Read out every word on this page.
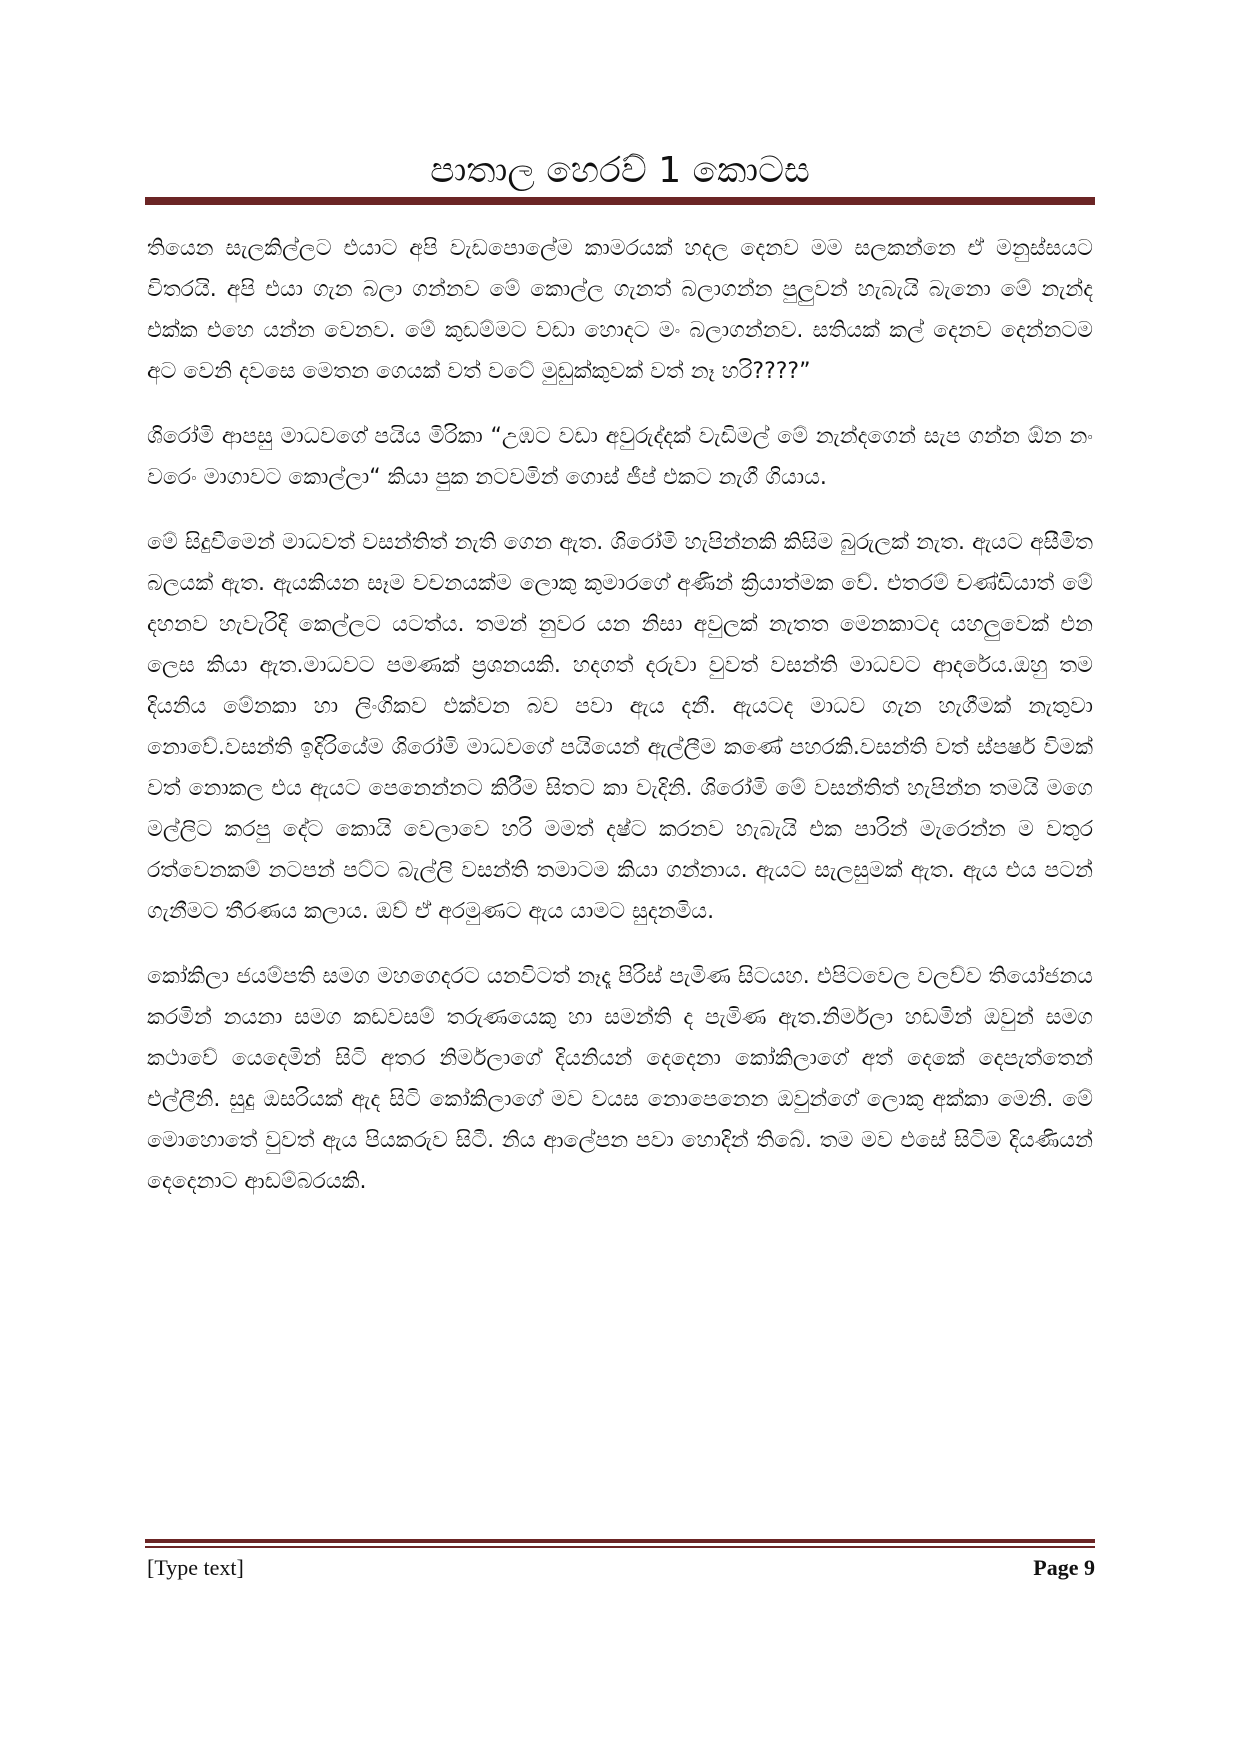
පාතාල හෙරව් 1 කොටස

තියෙන සැලකිල්ලට එයාට අපි වැඩපොලේම කාමරයක් හදල දෙනව මම සලකන්නෙ ඒ මනුස්සයට විතරයි. අපි එයා ගැන බලා ගන්නව මේ කොල්ල ගැනත් බලාගන්න පුලුවන් හැබැයි බැනො මේ නැන්ද එක්ක එහෙ යන්න වෙනව. මේ කුඩම්මට වඩා හොදට මං බලාගන්නව. සතියක් කල් දෙනව දෙන්නටම අට වෙනි දවසෙ මෙතන ගෙයක් වත් වටේ මුඩුක්කුවක් වත් නෑ හරි????”

ශිරෝමි ආපසු මාධවගේ පයිය මිරිකා “උඹට වඩා අවුරුද්දක් වැඩිමල් මේ නැන්දගෙන් සැප ගන්න ඕන නං වරෙං මාගාවට කොල්ලා“ කියා පුක නටවමින් ගොස් ජීප් එකට නැගී ගියාය.

මේ සිදුවීමෙන් මාධවත් වසන්තිත් නැති ගෙන ඇත. ශිරෝමි හැපින්නකි කිසිම බුරුලක් නැත. ඇයට අසීමිත බලයක් ඇත. ඇයකියන සෑම වචනයක්ම ලොකු කුමාරගේ අණින් ක්‍රියාත්මක වේ. එතරම් චණ්ඩියාත් මේ දහනව හැවැරිදි කෙල්ලට යටත්ය. තමන් නුවර යන නිසා අවුලක් නැතත මෙනකාටද යහලුවෙක් එන ලෙස කියා ඇත.මාධවට පමණක් ප්‍රශනයකි. හදගත් දරුවා වුවත් වසන්ති මාධවට ආදරේය.ඔහු තම දියනිය මේනකා හා ලිංගිකව එක්වන බව පවා ඇය දනී. ඇයටද මාධව ගැන හැගීමක් නැතුවා නොවේ.වසන්ති ඉදිරියේම ශිරෝමි මාධවගේ පයියෙන් ඇල්ලීම කණේ පහරකි.වසන්ති වත් ස්පර්ෂ විමක් වත් නොකල එය ඇයට පෙනෙන්නට කිරීම සිතට කා වැදිනි. ශිරෝමි මේ වසන්තිත් හැපින්න තමයි මගෙ මල්ලිට කරපු දේට කොයි වෙලාවෙ හරි මමත් දෂ්ට කරනව හැබැයි එක පාරින් මැරෙන්න ම වතුර රත්වෙනකම් නටපන් පට්ට බැල්ලි වසන්ති තමාටම කියා ගන්නාය. ඇයට සැලසුමක් ඇත. ඇය එය පටන් ගැනීමට තීරණය කලාය. ඔව් ඒ අරමුණට ඇය යාමට සුදනමිය.

කෝකිලා ජයම්පති සමග මහගෙදරට යනවිටත් නෑදෑ පිරිස් පැමිණ සිටයහ. එපිටවෙල වලව්ව තියෝජනය කරමින් නයනා සමග කඩවසම් තරුණයෙකු හා සමන්ති ද පැමිණ ඇත.නිර්මලා හඩමින් ඔවුන් සමග කථාවේ යෙදෙමින් සිටි අතර නිර්මලාගේ දියනියන් දෙදෙනා කෝකිලාගේ අත් දෙකේ දෙපැත්තෙන් එල්ලීනි. සුදු ඔසරියක් ඇද සිටි කෝකිලාගේ මව වයස නොපෙනෙන ඔවුන්ගේ ලොකු අක්කා මෙනි. මේ මොහොතේ වුවත් ඇය පියකරුව සිටී. නිය ආලේපන පවා හොදින් තිබේ. තම මව එසේ සිටිම දියණියන් දෙදෙනාට ආඩම්බරයකි.

[Type text]	Page 9
